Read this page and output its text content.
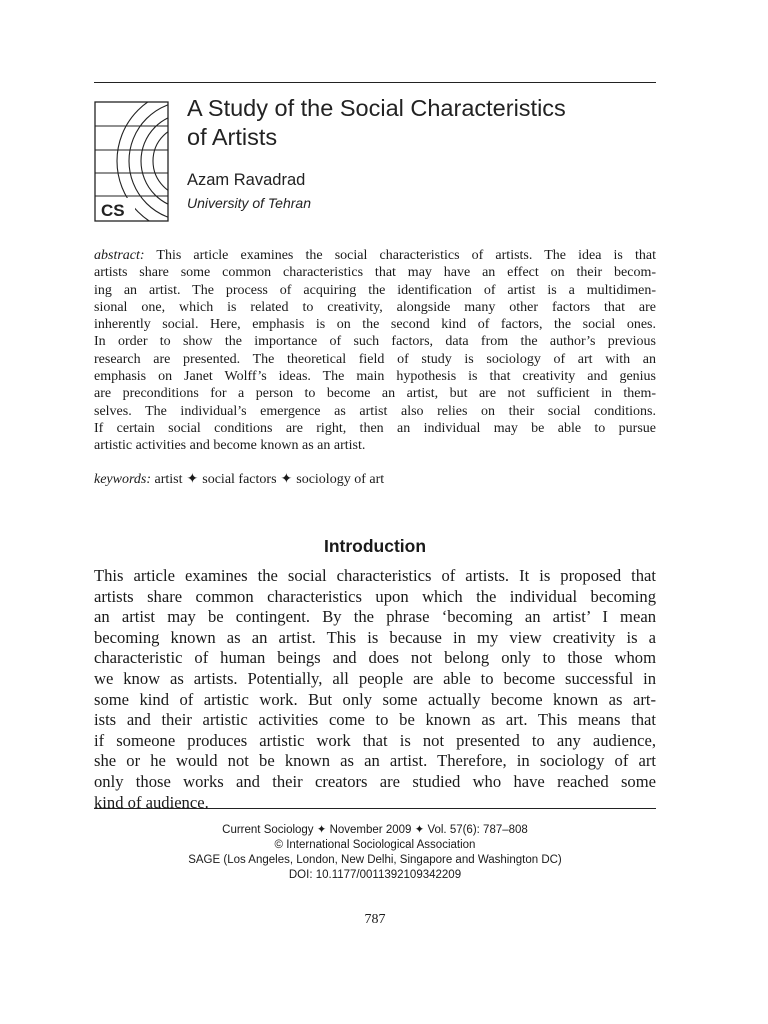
CS
A Study of the Social Characteristics
of Artists
Azam Ravadrad
University of Tehran
abstract: This article examines the social characteristics of artists. The idea is that
artists share some common characteristics that may have an effect on their becom-
ing an artist. The process of acquiring the identification of artist is a multidimen-
sional one, which is related to creativity, alongside many other factors that are
inherently social. Here, emphasis is on the second kind of factors, the social ones.
In order to show the importance of such factors, data from the author’s previous
research are presented. The theoretical field of study is sociology of art with an
emphasis on Janet Wolff’s ideas. The main hypothesis is that creativity and genius
are preconditions for a person to become an artist, but are not sufficient in them-
selves. The individual’s emergence as artist also relies on their social conditions.
If certain social conditions are right, then an individual may be able to pursue
artistic activities and become known as an artist.
keywords: artist ✦ social factors ✦ sociology of art
Introduction
This article examines the social characteristics of artists. It is proposed that
artists share common characteristics upon which the individual becoming
an artist may be contingent. By the phrase ‘becoming an artist’ I mean
becoming known as an artist. This is because in my view creativity is a
characteristic of human beings and does not belong only to those whom
we know as artists. Potentially, all people are able to become successful in
some kind of artistic work. But only some actually become known as art-
ists and their artistic activities come to be known as art. This means that
if someone produces artistic work that is not presented to any audience,
she or he would not be known as an artist. Therefore, in sociology of art
only those works and their creators are studied who have reached some
kind of audience.
Current Sociology ✦ November 2009 ✦ Vol. 57(6): 787–808
© International Sociological Association
SAGE (Los Angeles, London, New Delhi, Singapore and Washington DC)
DOI: 10.1177/0011392109342209
787
